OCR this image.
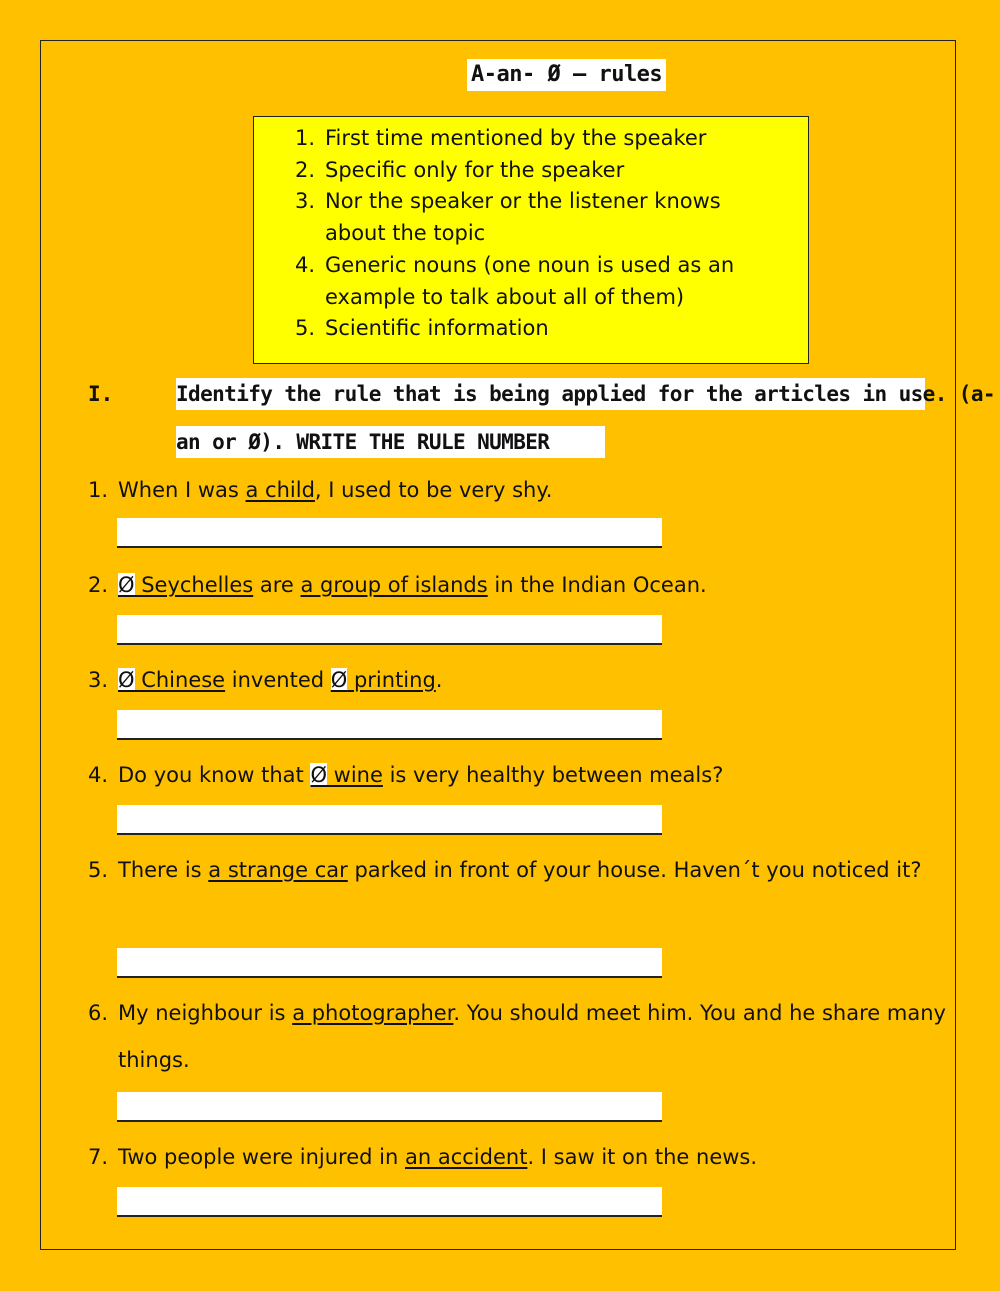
A-an- Ø – rules
1. First time mentioned by the speaker
2. Specific only for the speaker
3. Nor the speaker or the listener knows about the topic
4. Generic nouns (one noun is used as an example to talk about all of them)
5. Scientific information
I.	Identify the rule that is being applied for the articles in use. (a-
an or Ø). WRITE THE RULE NUMBER
1. When I was a child, I used to be very shy.
2. Ø Seychelles are a group of islands in the Indian Ocean.
3. Ø Chinese invented Ø printing.
4. Do you know that Ø wine is very healthy between meals?
5. There is a strange car parked in front of your house. Haven´t you noticed it?
6. My neighbour is a photographer. You should meet him. You and he share many things.
7. Two people were injured in an accident. I saw it on the news.
